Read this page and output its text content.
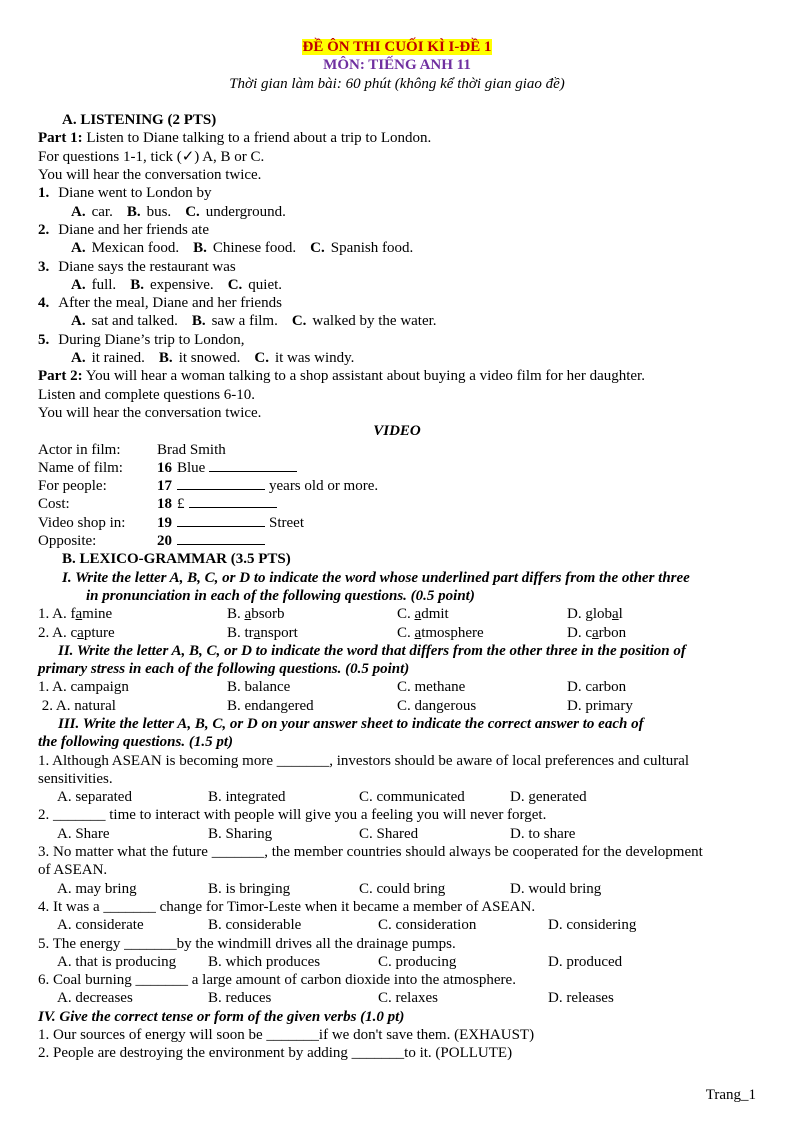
ĐỀ ÔN THI CUỐI KÌ I-ĐỀ 1
MÔN: TIẾNG ANH 11
Thời gian làm bài: 60 phút (không kể thời gian giao đề)
A. LISTENING (2 PTS)
Part 1: Listen to Diane talking to a friend about a trip to London.
For questions 1-1, tick (✓) A, B or C.
You will hear the conversation twice.
1. Diane went to London by
A. car. B. bus. C. underground.
2. Diane and her friends ate
A. Mexican food. B. Chinese food. C. Spanish food.
3. Diane says the restaurant was
A. full. B. expensive. C. quiet.
4. After the meal, Diane and her friends
A. sat and talked. B. saw a film. C. walked by the water.
5. During Diane’s trip to London,
A. it rained. B. it snowed. C. it was windy.
Part 2: You will hear a woman talking to a shop assistant about buying a video film for her daughter.
Listen and complete questions 6-10.
You will hear the conversation twice.
VIDEO
Actor in film: Brad Smith
Name of film: 16 Blue
For people:	17	years old or more.
Cost:	18 £
Video shop in: 19	Street
Opposite:	20
B. LEXICO-GRAMMAR (3.5 PTS)
I. Write the letter A, B, C, or D to indicate the word whose underlined part differs from the other three
in pronunciation in each of the following questions. (0.5 point)
1. A. famine	B. absorb	C. admit	D. global
2. A. capture	B. transport	C. atmosphere	D. carbon
II. Write the letter A, B, C, or D to indicate the word that differs from the other three in the position of
primary stress in each of the following questions. (0.5 point)
1. A. campaign	B. balance	C. methane	D. carbon
2. A. natural	B. endangered	C. dangerous	D. primary
III. Write the letter A, B, C, or D on your answer sheet to indicate the correct answer to each of
the following questions. (1.5 pt)
1. Although ASEAN is becoming more _______, investors should be aware of local preferences and cultural
sensitivities.
A. separated	B. integrated	C. communicated	D. generated
2. _______ time to interact with people will give you a feeling you will never forget.
A. Share	B. Sharing	C. Shared	D. to share
3. No matter what the future _______, the member countries should always be cooperated for the development
of ASEAN.
A. may bring	B. is bringing	C. could bring	D. would bring
4. It was a _______ change for Timor-Leste when it became a member of ASEAN.
A. considerate	B. considerable	C. consideration	D. considering
5. The energy _______by the windmill drives all the drainage pumps.
A. that is producing	B. which produces	C. producing	D. produced
6. Coal burning _______ a large amount of carbon dioxide into the atmosphere.
A. decreases	B. reduces	C. relaxes	D. releases
IV. Give the correct tense or form of the given verbs (1.0 pt)
1. Our sources of energy will soon be _______if we don't save them. (EXHAUST)
2. People are destroying the environment by adding _______to it. (POLLUTE)
Trang_1
